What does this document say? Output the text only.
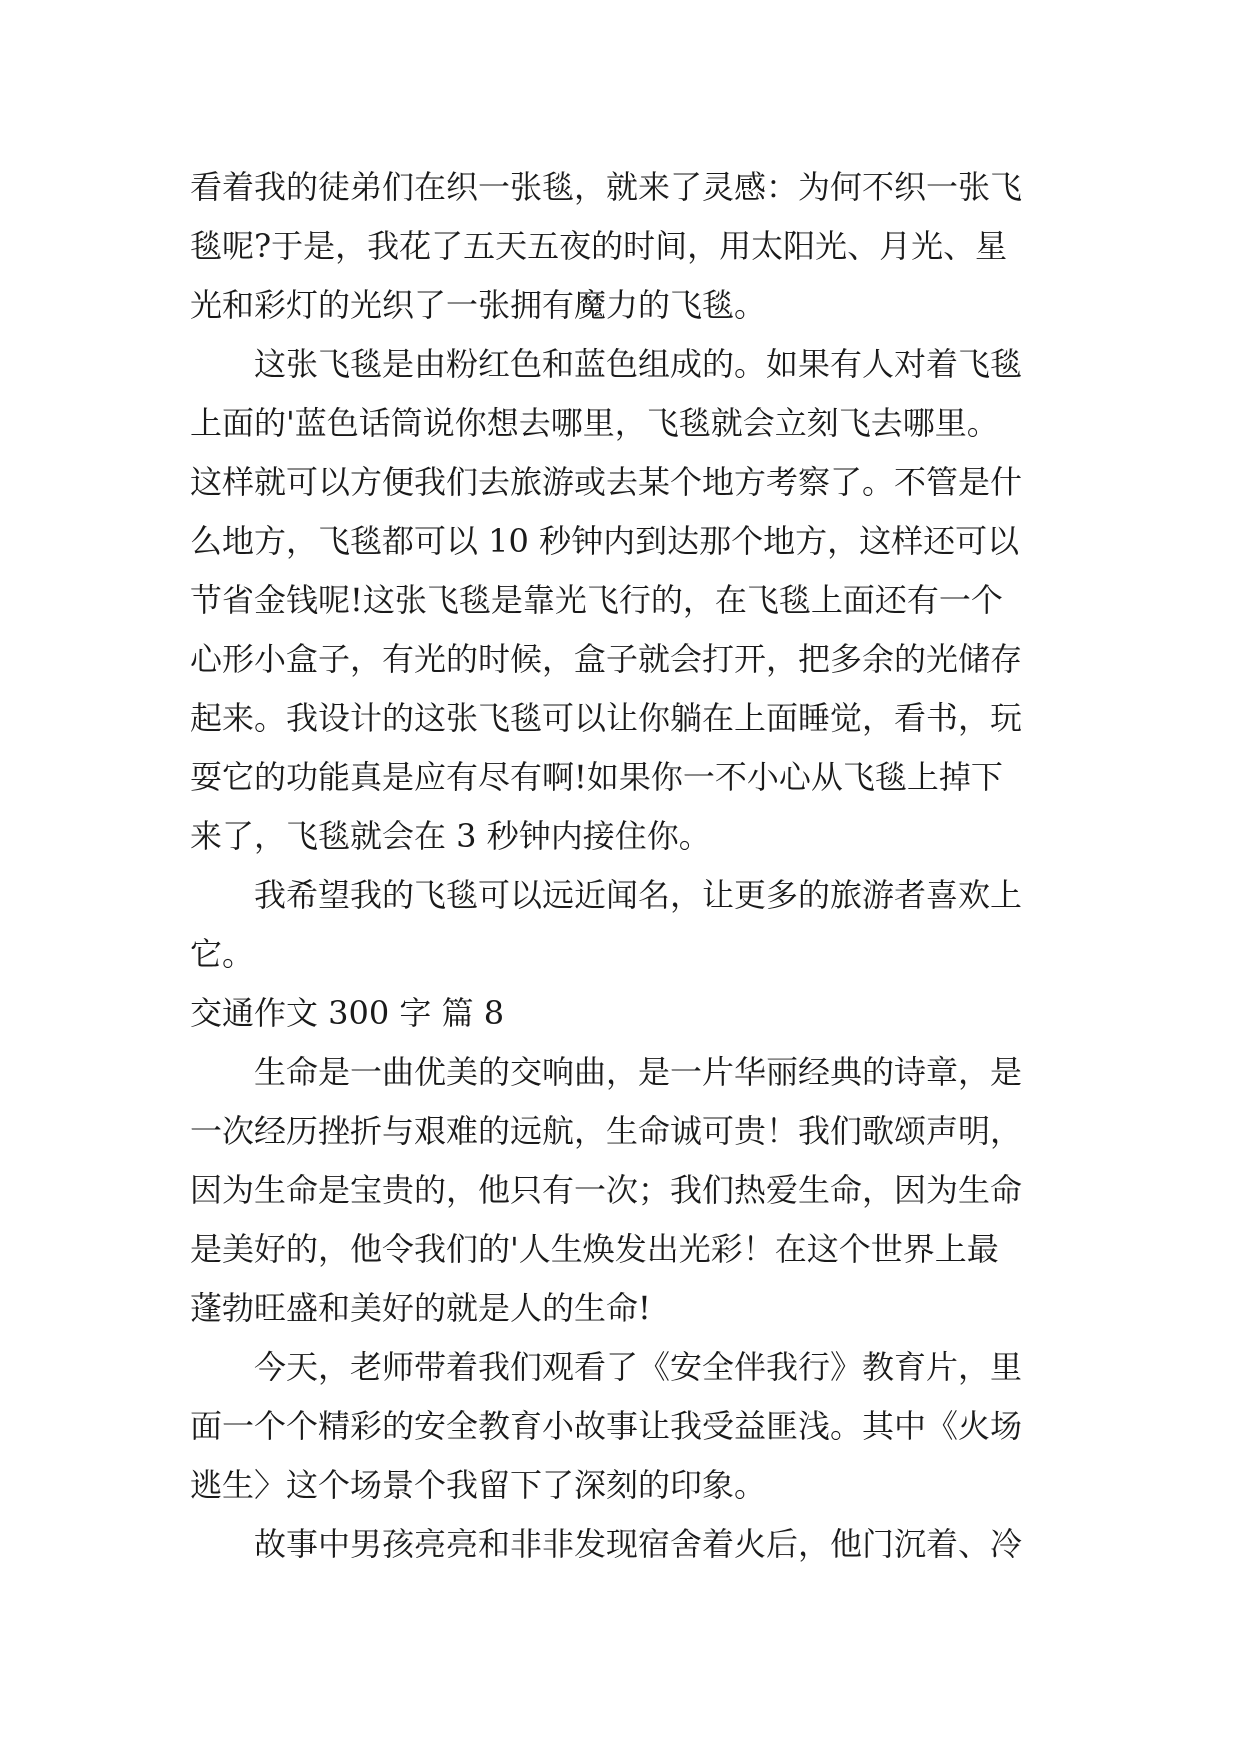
看着我的徒弟们在织一张毯，就来了灵感：为何不织一张飞
毯呢?于是，我花了五天五夜的时间，用太阳光、月光、星
光和彩灯的光织了一张拥有魔力的飞毯。
这张飞毯是由粉红色和蓝色组成的。如果有人对着飞毯
上面的'蓝色话筒说你想去哪里，飞毯就会立刻飞去哪里。
这样就可以方便我们去旅游或去某个地方考察了。不管是什
么地方，飞毯都可以 10 秒钟内到达那个地方，这样还可以
节省金钱呢!这张飞毯是靠光飞行的，在飞毯上面还有一个
心形小盒子，有光的时候，盒子就会打开，把多余的光储存
起来。我设计的这张飞毯可以让你躺在上面睡觉，看书，玩
耍它的功能真是应有尽有啊!如果你一不小心从飞毯上掉下
来了，飞毯就会在 3 秒钟内接住你。
我希望我的飞毯可以远近闻名，让更多的旅游者喜欢上
它。
交通作文 300 字 篇 8
生命是一曲优美的交响曲，是一片华丽经典的诗章，是
一次经历挫折与艰难的远航，生命诚可贵！我们歌颂声明，
因为生命是宝贵的，他只有一次；我们热爱生命，因为生命
是美好的，他令我们的'人生焕发出光彩！在这个世界上最
蓬勃旺盛和美好的就是人的生命!
今天，老师带着我们观看了《安全伴我行》教育片，里
面一个个精彩的安全教育小故事让我受益匪浅。其中《火场
逃生〉这个场景个我留下了深刻的印象。
故事中男孩亮亮和非非发现宿舍着火后，他门沉着、冷
